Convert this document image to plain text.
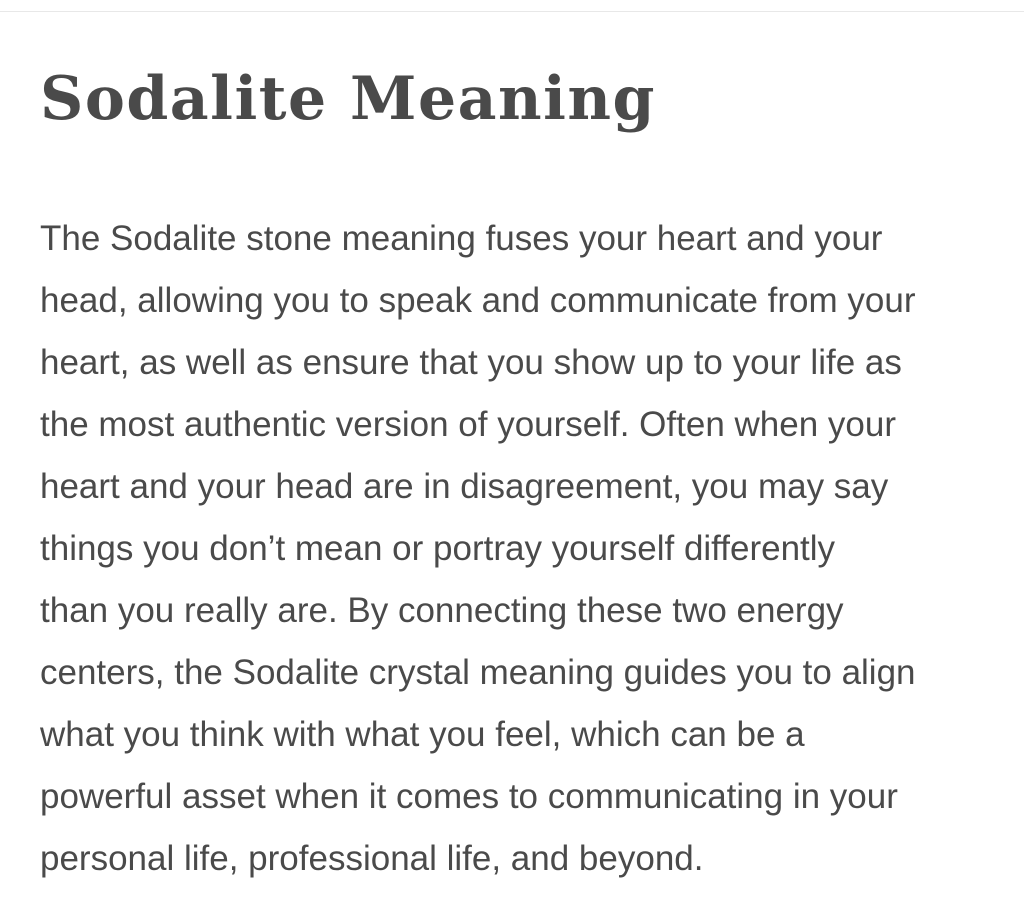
Sodalite Meaning
The Sodalite stone meaning fuses your heart and your
head, allowing you to speak and communicate from your
heart, as well as ensure that you show up to your life as
the most authentic version of yourself. Often when your
heart and your head are in disagreement, you may say
things you don’t mean or portray yourself differently
than you really are. By connecting these two energy
centers, the Sodalite crystal meaning guides you to align
what you think with what you feel, which can be a
powerful asset when it comes to communicating in your
personal life, professional life, and beyond.
